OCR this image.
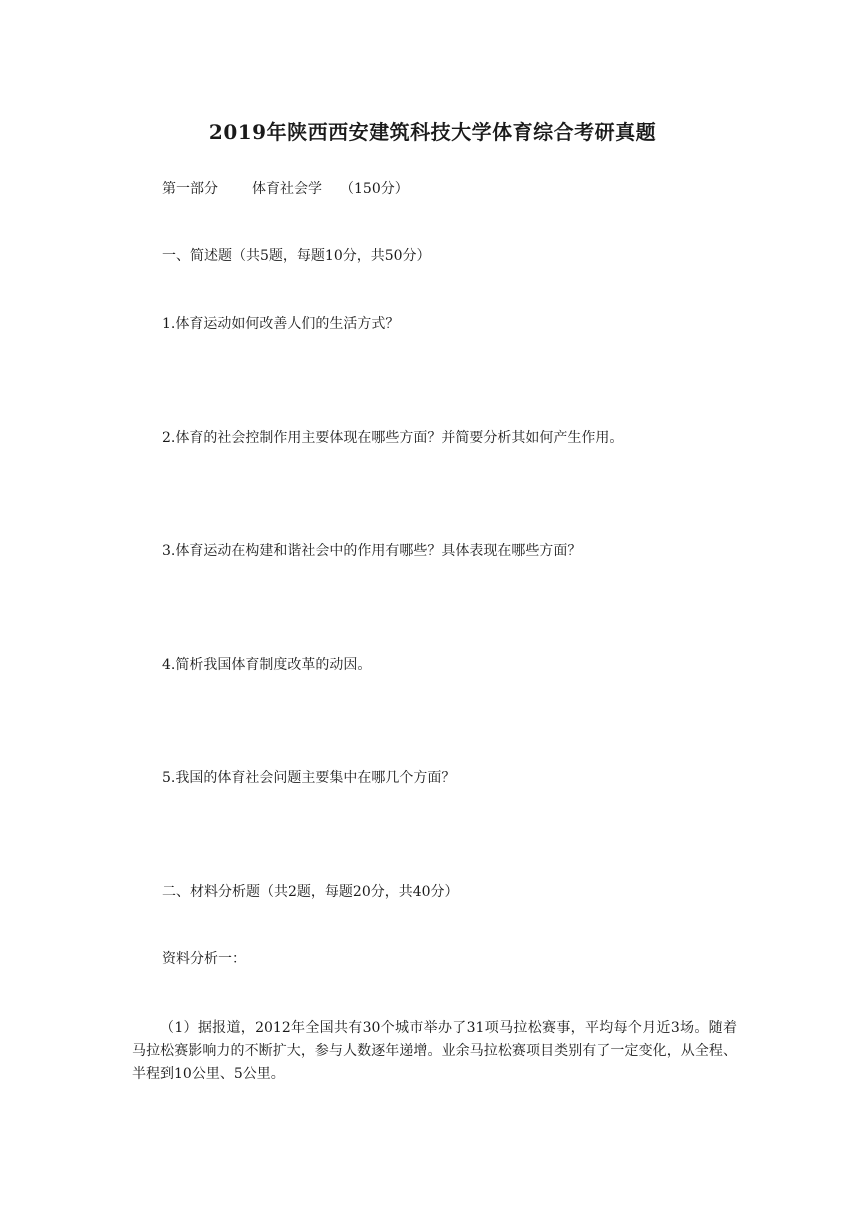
2019年陕西西安建筑科技大学体育综合考研真题
第一部分 体育社会学 （150分）
一、简述题（共5题，每题10分，共50分）
1.体育运动如何改善人们的生活方式？
2.体育的社会控制作用主要体现在哪些方面？并简要分析其如何产生作用。
3.体育运动在构建和谐社会中的作用有哪些？具体表现在哪些方面？
4.简析我国体育制度改革的动因。
5.我国的体育社会问题主要集中在哪几个方面？
二、材料分析题（共2题，每题20分，共40分）
资料分析一：
（1）据报道，2012年全国共有30个城市举办了31项马拉松赛事，平均每个月近3场。随着马拉松赛影响力的不断扩大，参与人数逐年递增。业余马拉松赛项目类别有了一定变化，从全程、半程到10公里、5公里。
